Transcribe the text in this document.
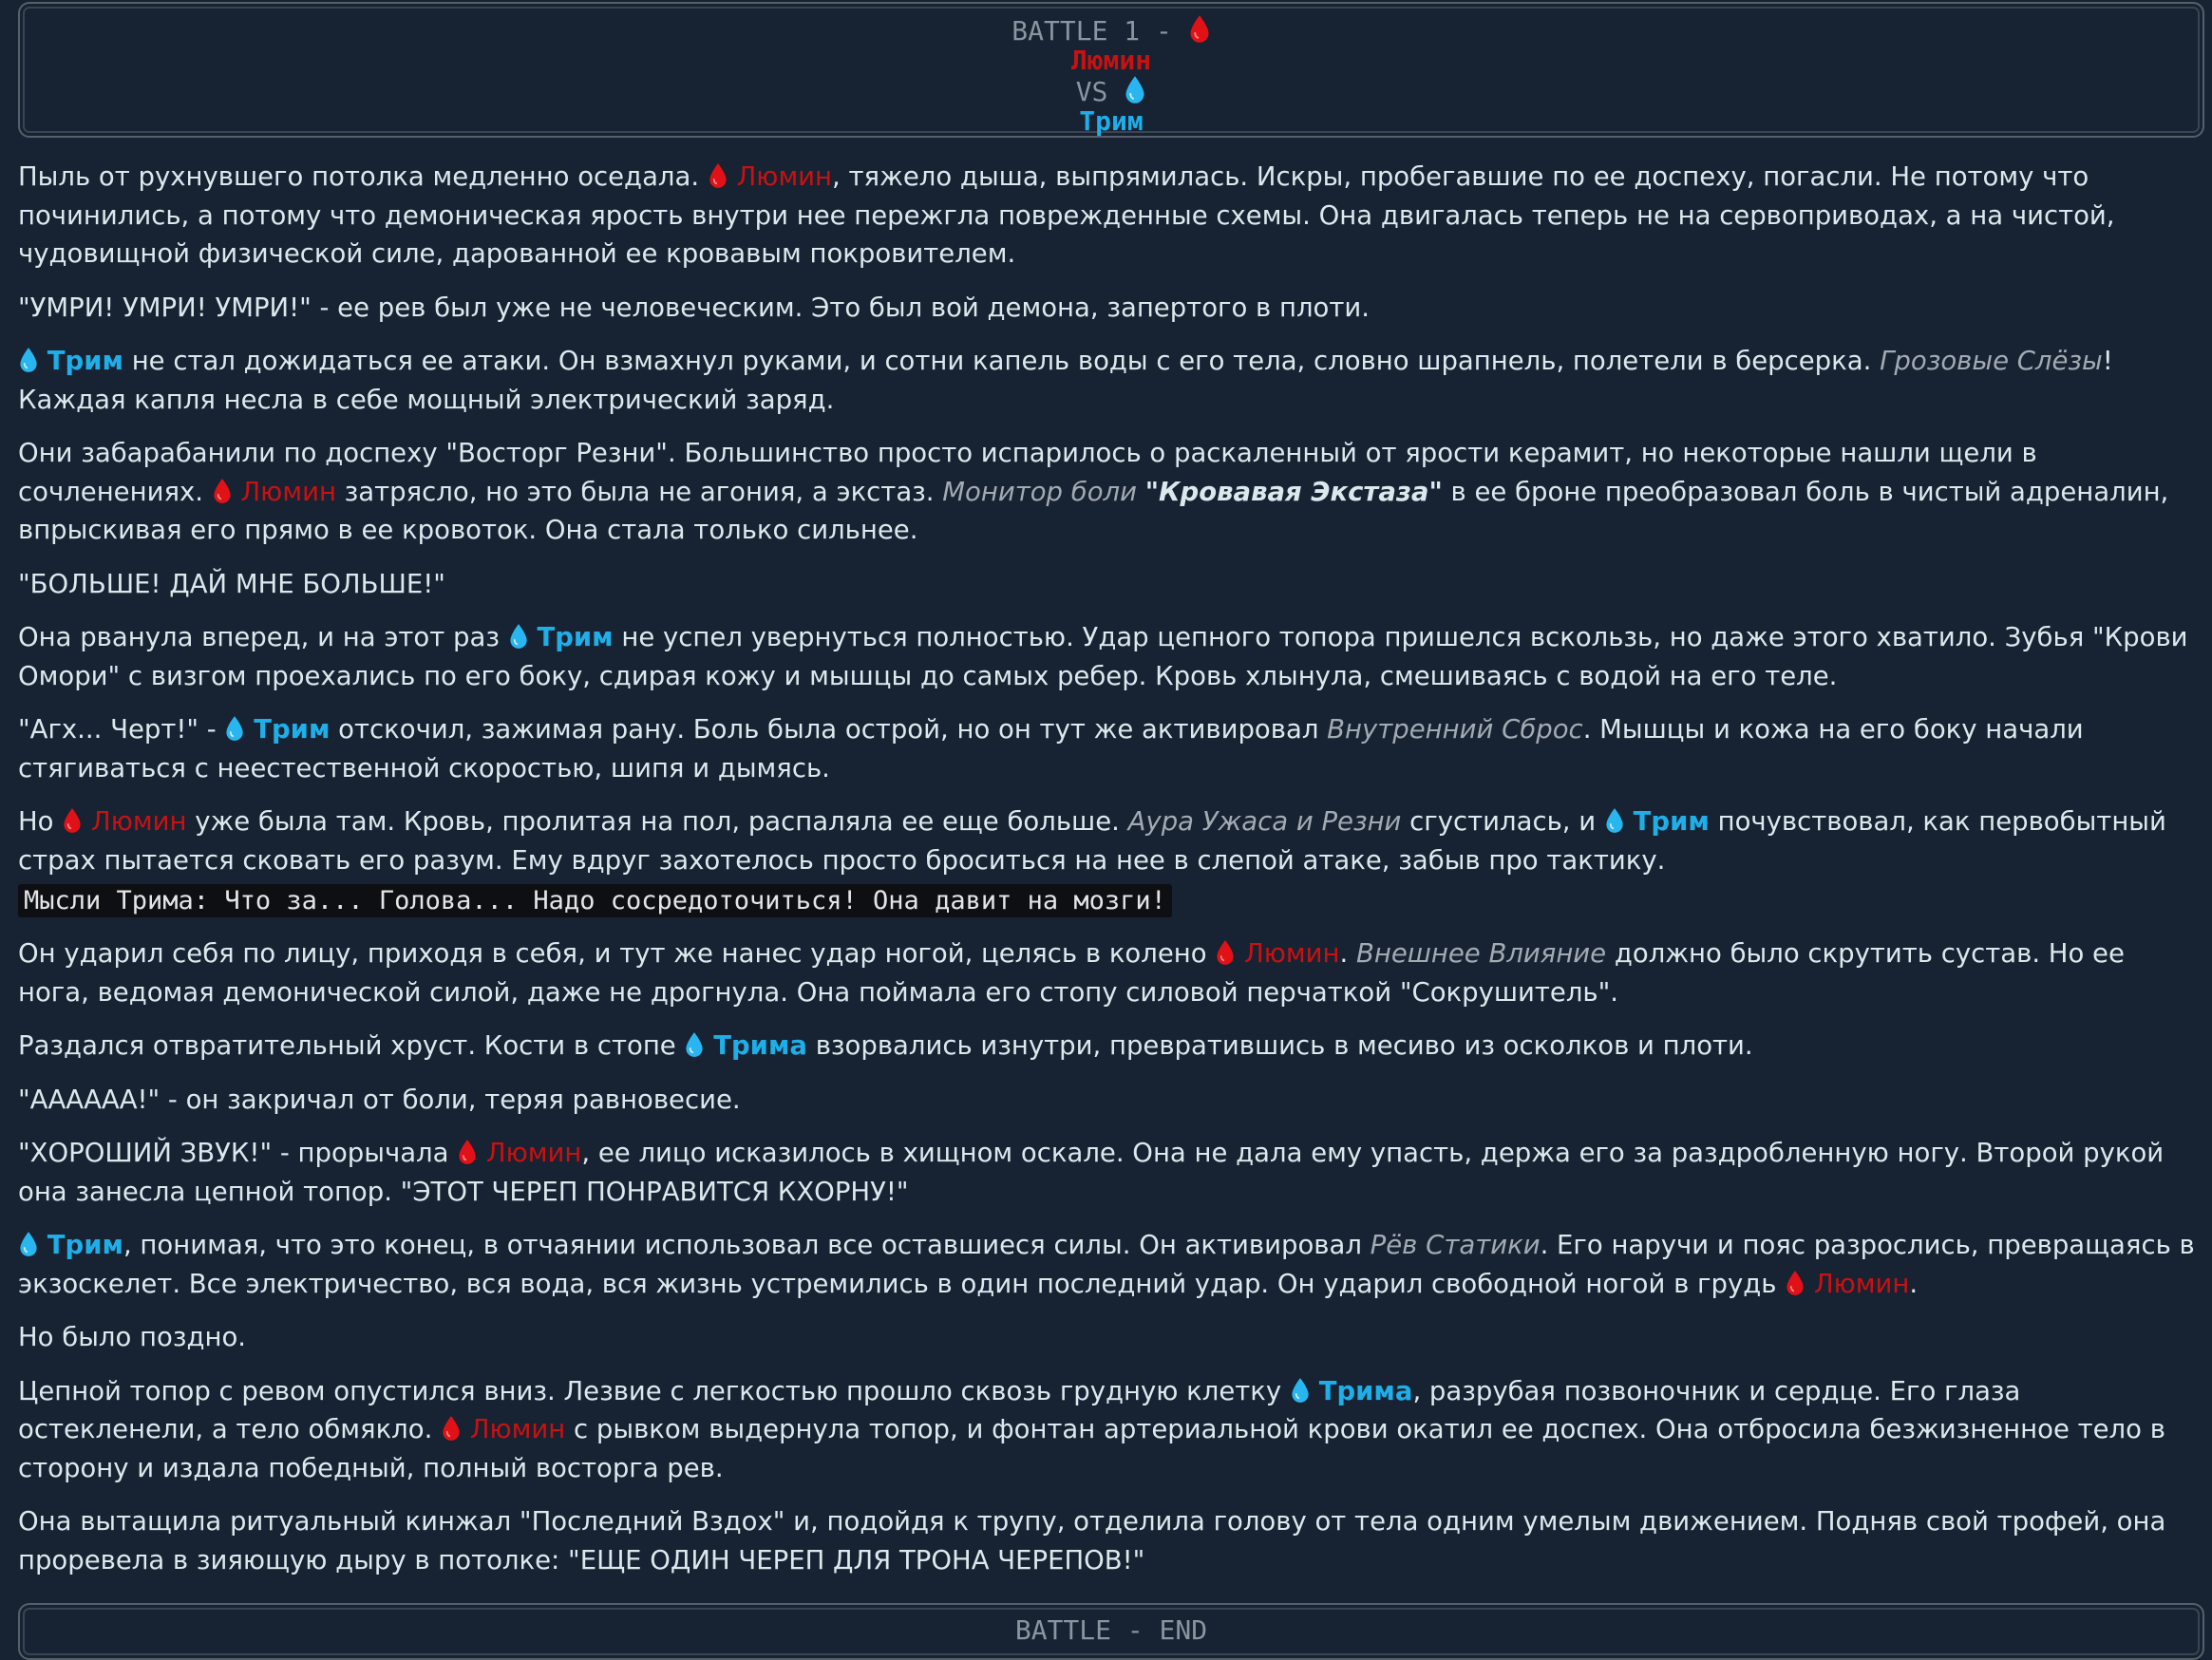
BATTLE 1 -
Люмин
VS
Трим

Пыль от рухнувшего потолка медленно оседала. Люмин, тяжело дыша, выпрямилась. Искры, пробегавшие по ее доспеху, погасли. Не потому что починились, а потому что демоническая ярость внутри нее пережгла поврежденные схемы. Она двигалась теперь не на сервоприводах, а на чистой, чудовищной физической силе, дарованной ее кровавым покровителем.

"УМРИ! УМРИ! УМРИ!" - ее рев был уже не человеческим. Это был вой демона, запертого в плоти.

Трим не стал дожидаться ее атаки. Он взмахнул руками, и сотни капель воды с его тела, словно шрапнель, полетели в берсерка. Грозовые Слёзы! Каждая капля несла в себе мощный электрический заряд.

Они забарабанили по доспеху "Восторг Резни". Большинство просто испарилось о раскаленный от ярости керамит, но некоторые нашли щели в сочленениях. Люмин затрясло, но это была не агония, а экстаз. Монитор боли "Кровавая Экстаза" в ее броне преобразовал боль в чистый адреналин, впрыскивая его прямо в ее кровоток. Она стала только сильнее.

"БОЛЬШЕ! ДАЙ МНЕ БОЛЬШЕ!"

Она рванула вперед, и на этот раз Трим не успел увернуться полностью. Удар цепного топора пришелся вскользь, но даже этого хватило. Зубья "Крови Омори" с визгом проехались по его боку, сдирая кожу и мышцы до самых ребер. Кровь хлынула, смешиваясь с водой на его теле.

"Агх... Черт!" - Трим отскочил, зажимая рану. Боль была острой, но он тут же активировал Внутренний Сброс. Мышцы и кожа на его боку начали стягиваться с неестественной скоростью, шипя и дымясь.

Но Люмин уже была там. Кровь, пролитая на пол, распаляла ее еще больше. Аура Ужаса и Резни сгустилась, и Трим почувствовал, как первобытный страх пытается сковать его разум. Ему вдруг захотелось просто броситься на нее в слепой атаке, забыв про тактику.

Мысли Трима: Что за... Голова... Надо сосредоточиться! Она давит на мозги!

Он ударил себя по лицу, приходя в себя, и тут же нанес удар ногой, целясь в колено Люмин. Внешнее Влияние должно было скрутить сустав. Но ее нога, ведомая демонической силой, даже не дрогнула. Она поймала его стопу силовой перчаткой "Сокрушитель".

Раздался отвратительный хруст. Кости в стопе Трима взорвались изнутри, превратившись в месиво из осколков и плоти.

"АААААА!" - он закричал от боли, теряя равновесие.

"ХОРОШИЙ ЗВУК!" - прорычала Люмин, ее лицо исказилось в хищном оскале. Она не дала ему упасть, держа его за раздробленную ногу. Второй рукой она занесла цепной топор. "ЭТОТ ЧЕРЕП ПОНРАВИТСЯ КХОРНУ!"

Трим, понимая, что это конец, в отчаянии использовал все оставшиеся силы. Он активировал Рёв Статики. Его наручи и пояс разрослись, превращаясь в экзоскелет. Все электричество, вся вода, вся жизнь устремились в один последний удар. Он ударил свободной ногой в грудь Люмин.

Но было поздно.

Цепной топор с ревом опустился вниз. Лезвие с легкостью прошло сквозь грудную клетку Трима, разрубая позвоночник и сердце. Его глаза остекленели, а тело обмякло. Люмин с рывком выдернула топор, и фонтан артериальной крови окатил ее доспех. Она отбросила безжизненное тело в сторону и издала победный, полный восторга рев.

Она вытащила ритуальный кинжал "Последний Вздох" и, подойдя к трупу, отделила голову от тела одним умелым движением. Подняв свой трофей, она проревела в зияющую дыру в потолке: "ЕЩЕ ОДИН ЧЕРЕП ДЛЯ ТРОНА ЧЕРЕПОВ!"

BATTLE - END
